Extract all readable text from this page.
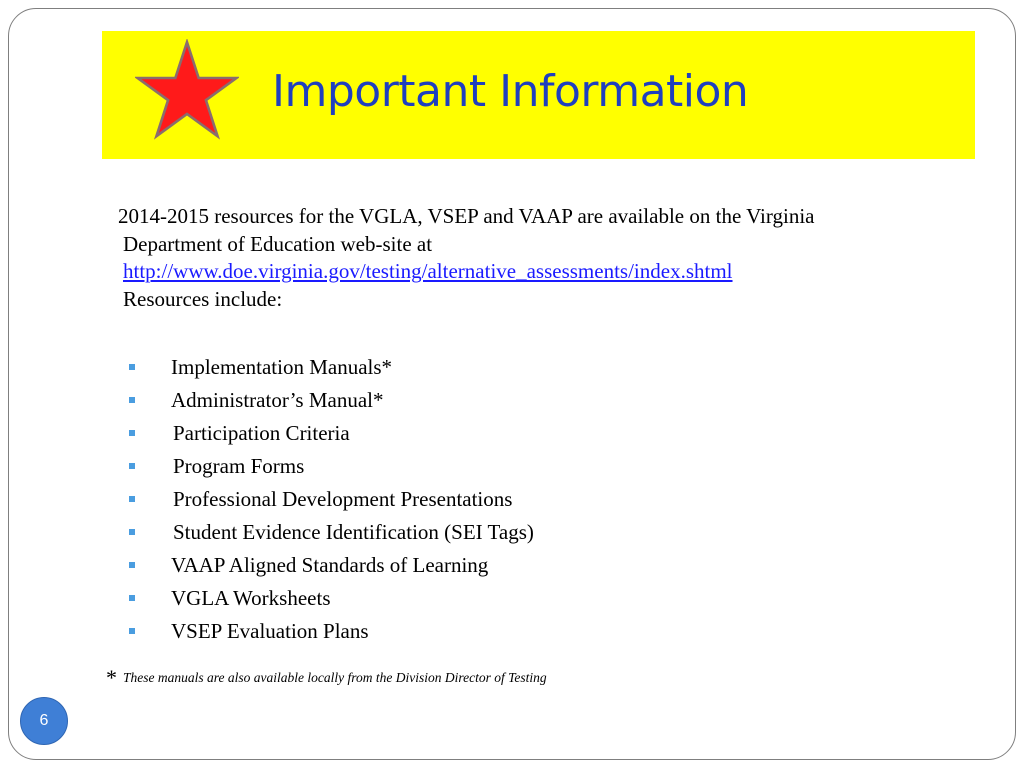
Important Information
2014-2015 resources for the VGLA, VSEP and VAAP are available on the Virginia
Department of Education web-site at
http://www.doe.virginia.gov/testing/alternative_assessments/index.shtml
Resources include:
Implementation Manuals*
Administrator’s Manual*
Participation Criteria
Program Forms
Professional Development Presentations
Student Evidence Identification (SEI Tags)
VAAP Aligned Standards of Learning
VGLA Worksheets
VSEP Evaluation Plans
* These manuals are also available locally from the Division Director of Testing
6
